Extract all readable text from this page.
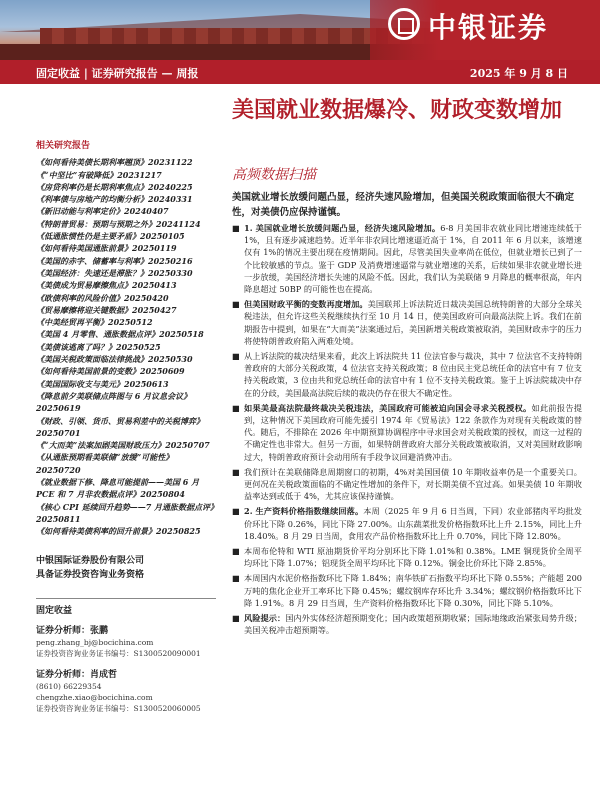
中银证券
固定收益 | 证券研究报告 — 周报	2025 年 9 月 8 日
美国就业数据爆冷、财政变数增加
高频数据扫描
美国就业增长放缓问题凸显，经济失速风险增加，但美国关税政策面临很大不确定性，对美债仍应保持谨慎。
■ 1. 美国就业增长放缓问题凸显，经济失速风险增加。6-8 月美国非农就业同比增速连续低于 1%，且有逐步减速趋势。近半年非农同比增速逼近高于 1%，自 2011 年 6 月以来，该增速仅有 1%的情况主要出现在疫情期间。因此，尽管美国失业率尚在低位，但就业增长已到了一个比较敏感的节点。鉴于 GDP 及消费增速逼常与就业增速的关系，后续如果非农就业增长进一步放缓，美国经济增长失速的风险不低。因此，我们认为美联储 9 月降息的概率很高，年内降息超过 50BP 的可能性也在提高。
■ 但美国财政平衡的变数再度增加。美国联邦上诉法院近日裁决美国总统特朗普的大部分全球关税违法，但允许这些关税继续执行至 10 月 14 日，使美国政府可向最高法院上诉。我们在前期报告中提到，如果在“大而美”法案通过后，美国新增关税政策被取消，美国财政赤字的压力将使特朗普政府陷入两难处境。
■ 从上诉法院的裁决结果来看，此次上诉法院共 11 位法官参与裁决，其中 7 位法官不支持特朗普政府的大部分关税政策，4 位法官支持关税政策；8 位由民主党总统任命的法官中有 7 位支持关税政策，3 位由共和党总统任命的法官中有 1 位不支持关税政策。鉴于上诉法院裁决中存在的分歧，美国最高法院后续的裁决仍存在很大不确定性。
■ 如果美最高法院最终裁决关税违法，美国政府可能被迫向国会寻求关税授权。如此前报告提到，这种情况下美国政府可能先援引 1974 年《贸易法》122 条款作为对现有关税政策的替代。随后，不排除在 2026 年中期预算协调程序中寻求国会对关税政策的授权，而这一过程的不确定性也非常大。但另一方面，如果特朗普政府大部分关税政策被取消，又对美国财政影响过大，特朗普政府预计会动用所有手段争议回避消费冲击。
■ 我们预计在美联储降息周期窗口的初期，4%对美国国债 10 年期收益率仍是一个重要关口。更何况在关税政策面临的不确定性增加的条件下，对长期美债不宜过高。如果美债 10 年期收益率达到或低于 4%，尤其应该保持谨慎。
■ 2. 生产资料价格指数继续回落。本周（2025 年 9 月 6 日当周，下同）农业部猪肉平均批发价环比下降 0.26%，同比下降 27.00%。山东蔬菜批发价格指数环比上升 2.15%，同比上升 18.40%。8 月 29 日当周，食用农产品价格指数环比上升 0.70%，同比下降 12.80%。
■ 本周布伦特和 WTI 原油期货价平均分别环比下降 1.01%和 0.38%。LME 铜现货价全周平均环比下降 1.07%；铝现货全周平均环比下降 0.12%。铜金比价环比下降 2.85%。
■ 本周国内水泥价格指数环比下降 1.84%；南华铁矿石指数平均环比下降 0.55%；产能超 200 万吨的焦化企业开工率环比下降 0.45%；螺纹钢库存环比升 3.34%；螺纹钢价格指数环比下降 1.91%。8 月 29 日当周，生产资料价格指数环比下降 0.30%，同比下降 5.10%。
■ 风险提示：国内外实体经济超预期变化；国内政策超预期收紧；国际地缘政治紧张局势升级；美国关税冲击超预期等。
相关研究报告
《如何看待美债长期利率翘顶》20231122
《“中坚比”有破降低》20231217
《房贷利率仍是长期利率焦点》20240225
《利率债与房地产的均衡分析》20240331
《新旧动能与利率定价》20240407
《特朗普贸易：预期与预期之外》20241124
《低通胀惯性仍是主要矛盾》20250105
《如何看待美国通胀前景》20250119
《美国的赤字、储蓄率与利率》20250216
《美国经济：失速还是滞胀？》20250330
《美债成为贸易摩擦焦点》20250413
《欧债利率的风险价值》20250420
《贸易摩擦将迎关键数据》20250427
《中美经贸再平衡》20250512
《美国 4 月零售、通胀数据点评》20250518
《美债该逃离了吗？》20250525
《美国关税政策面临法律挑战》20250530
《如何看待美国前景的变数》20250609
《美国国际收支与美元》20250613
《降息前夕美联储点阵图与 6 月议息会议》20250619
《财政、引领、货币、贸易利差中的关税博弈》20250701
《“大而美”法案加剧美国财政压力》20250707
《从通胀预期看美联储“放缓”可能性》20250720
《就业数据下修、降息可能提前——美国 6 月 PCE 和 7 月非农数据点评》20250804
《核心 CPI 延续回升趋势——7 月通胀数据点评》20250811
《如何看待美债利率的回升前景》20250825
中银国际证券股份有限公司
具备证券投资咨询业务资格
固定收益
证券分析师：张鹏
peng.zhang_bj@bocichina.com
证券投资咨询业务证书编号：S1300520090001
证券分析师：肖成哲
(8610) 66229354
chengzhe.xiao@bocichina.com
证券投资咨询业务证书编号：S1300520060005
